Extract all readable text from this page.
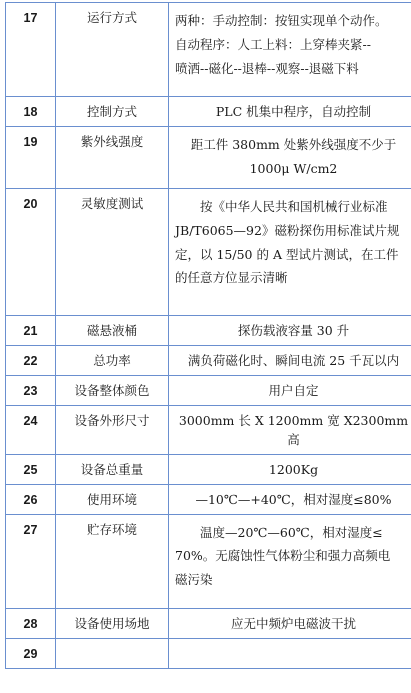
17	运行方式	两种：手动控制：按钮实现单个动作。
自动程序：人工上料：上穿棒夹紧--
喷洒--磁化--退棒--观察--退磁下料

18	控制方式	PLC 机集中程序，自动控制

19	紫外线强度	距工件 380mm 处紫外线强度不少于
1000μ W/cm2

20	灵敏度测试	按《中华人民共和国机械行业标准
JB/T6065—92》磁粉探伤用标准试片规
定，以 15/50 的 A 型试片测试，在工件
的任意方位显示清晰

21	磁悬液桶	探伤载液容量 30 升

22	总功率	满负荷磁化时、瞬间电流 25 千瓦以内

23	设备整体颜色	用户自定

24	设备外形尺寸	3000mm 长 X 1200mm 宽 X2300mm 高

25	设备总重量	1200Kg

26	使用环境	—10℃—+40℃，相对湿度≤80%

27	贮存环境	温度—20℃—60℃，相对湿度≤
70%。无腐蚀性气体粉尘和强力高频电
磁污染

28	设备使用场地	应无中频炉电磁波干扰

29		
